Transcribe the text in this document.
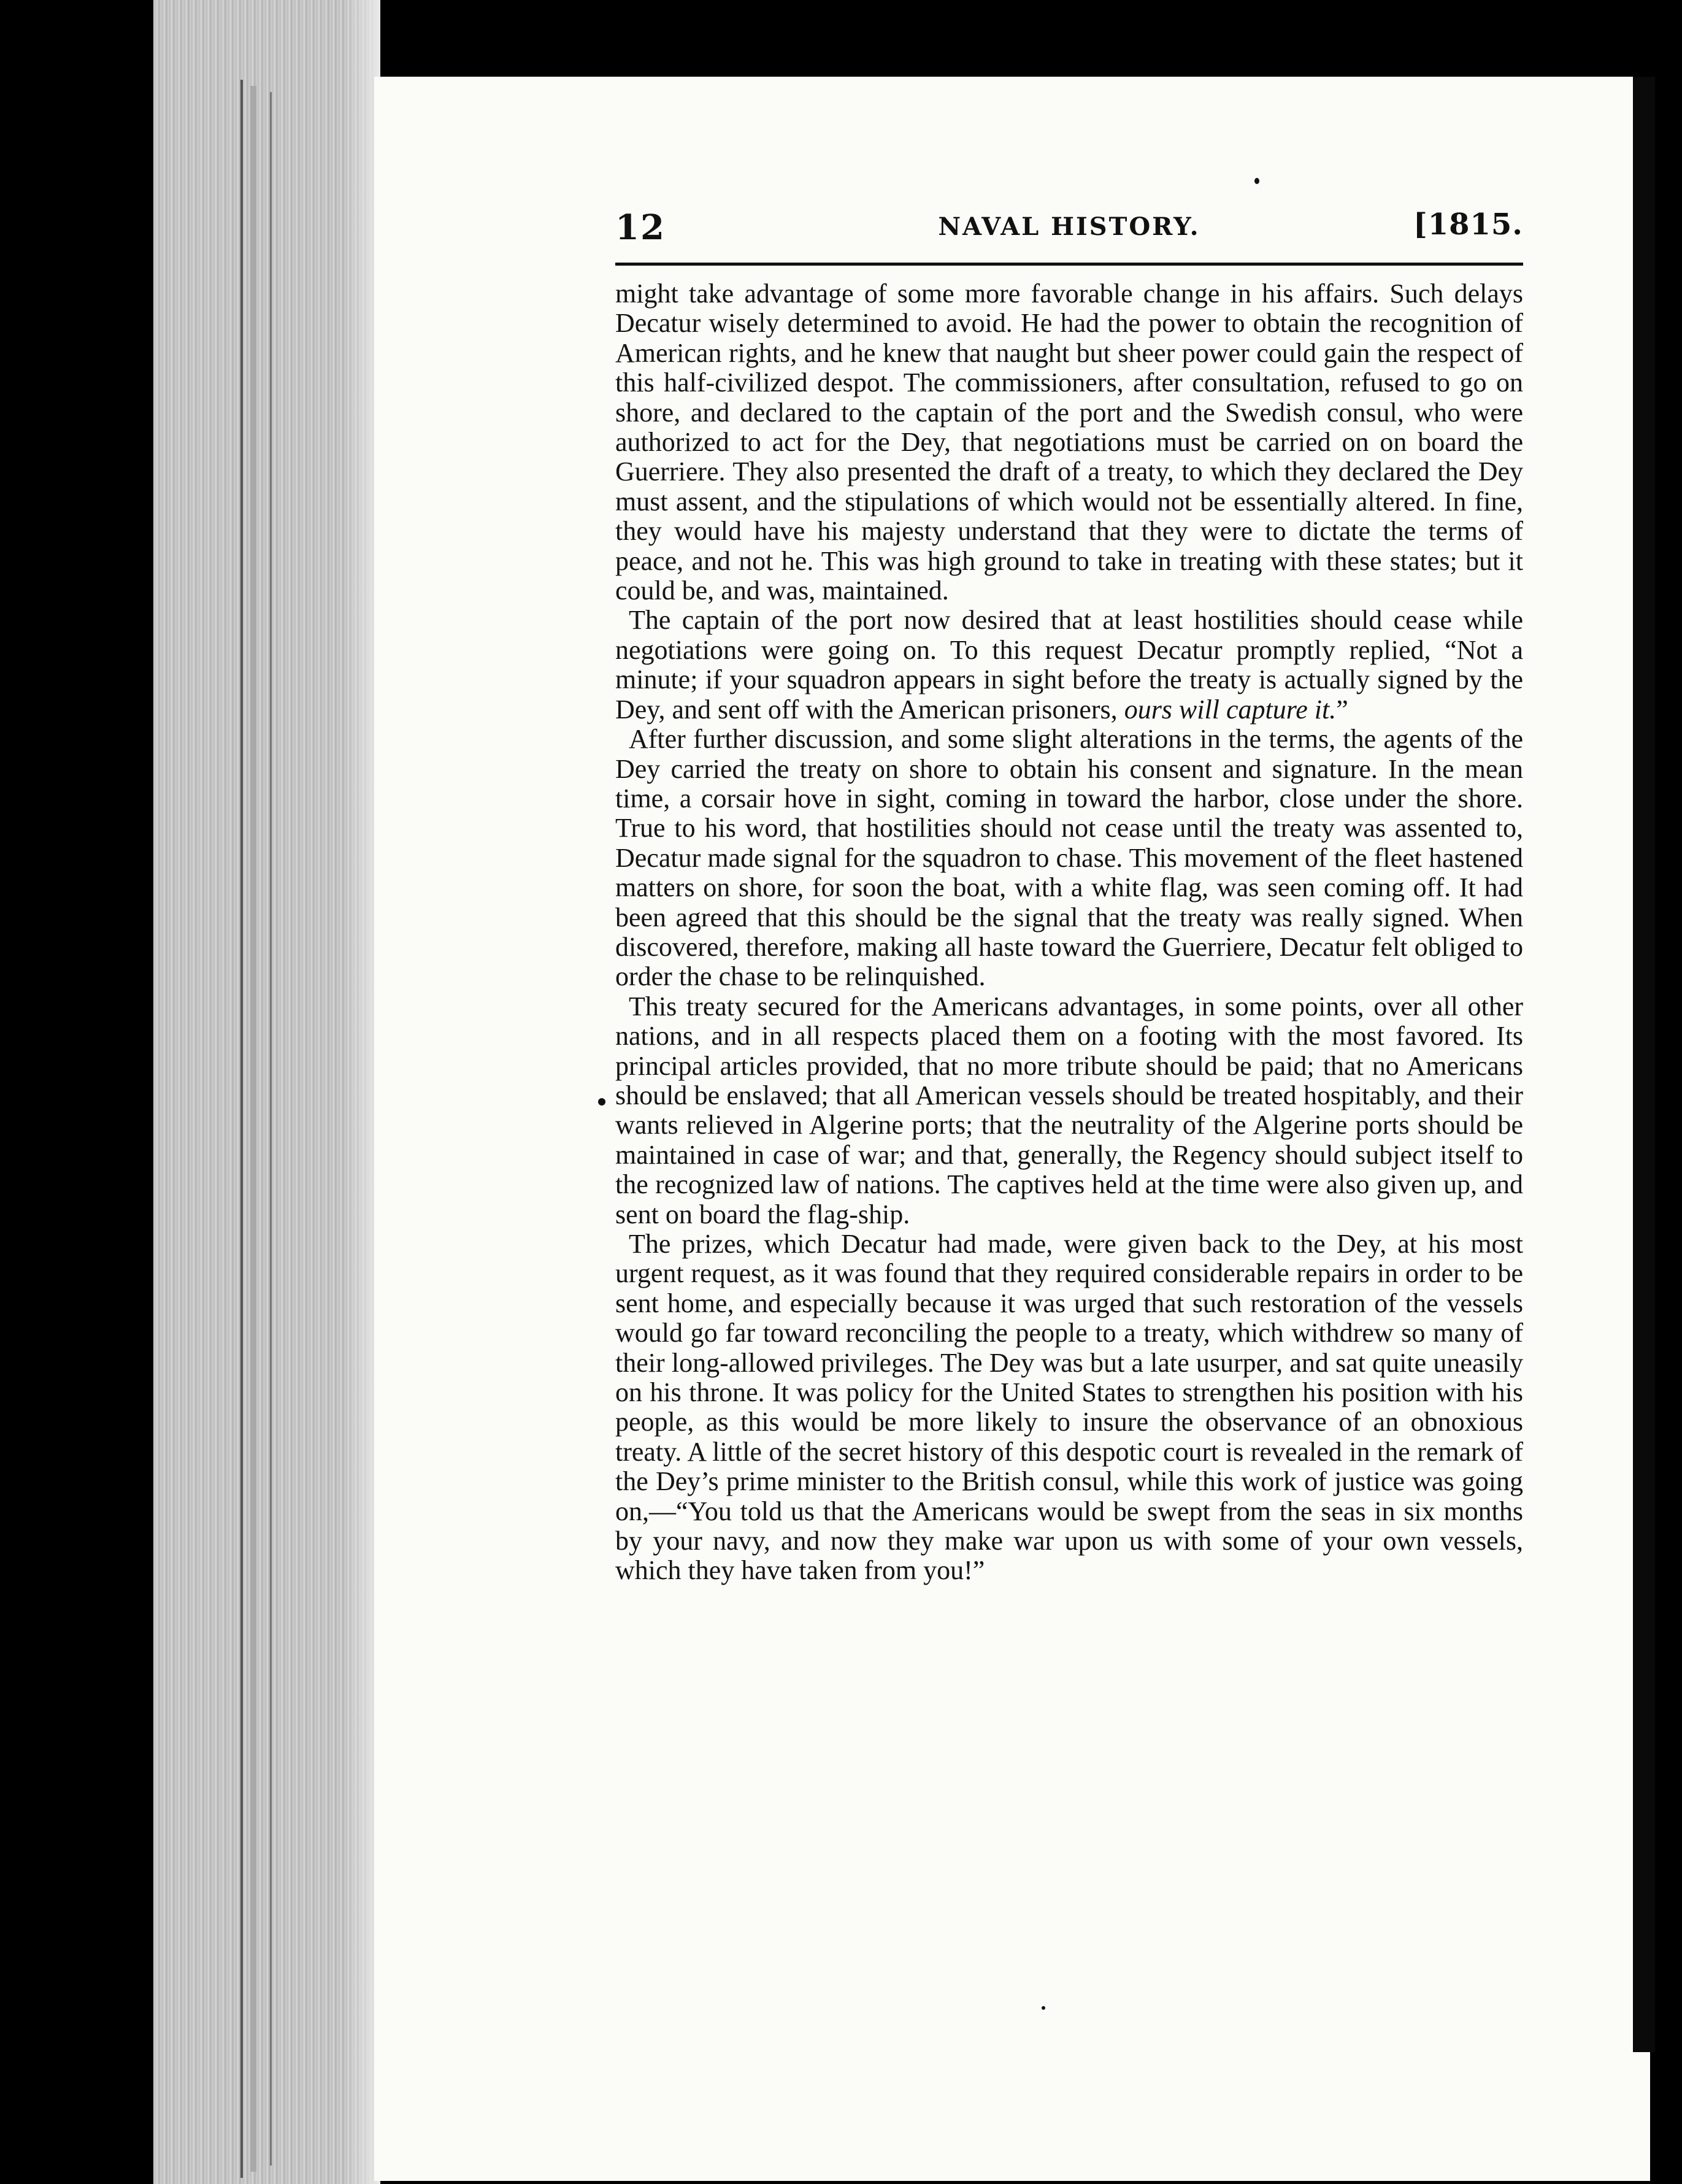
12	NAVAL HISTORY.	[1815.

might take advantage of some more favorable change in his affairs. Such delays Decatur wisely determined to avoid. He had the power to obtain the recognition of American rights, and he knew that naught but sheer power could gain the respect of this half-civilized despot. The commissioners, after consultation, refused to go on shore, and declared to the captain of the port and the Swedish consul, who were authorized to act for the Dey, that negotiations must be carried on on board the Guerriere. They also presented the draft of a treaty, to which they declared the Dey must assent, and the stipulations of which would not be essentially altered. In fine, they would have his majesty understand that they were to dictate the terms of peace, and not he. This was high ground to take in treating with these states; but it could be, and was, maintained.

The captain of the port now desired that at least hostilities should cease while negotiations were going on. To this request Decatur promptly replied, “Not a minute; if your squadron appears in sight before the treaty is actually signed by the Dey, and sent off with the American prisoners, ours will capture it.”

After further discussion, and some slight alterations in the terms, the agents of the Dey carried the treaty on shore to obtain his consent and signature. In the mean time, a corsair hove in sight, coming in toward the harbor, close under the shore. True to his word, that hostilities should not cease until the treaty was assented to, Decatur made signal for the squadron to chase. This movement of the fleet hastened matters on shore, for soon the boat, with a white flag, was seen coming off. It had been agreed that this should be the signal that the treaty was really signed. When discovered, therefore, making all haste toward the Guerriere, Decatur felt obliged to order the chase to be relinquished.

This treaty secured for the Americans advantages, in some points, over all other nations, and in all respects placed them on a footing with the most favored. Its principal articles provided, that no more tribute should be paid; that no Americans should be enslaved; that all American vessels should be treated hospitably, and their wants relieved in Algerine ports; that the neutrality of the Algerine ports should be maintained in case of war; and that, generally, the Regency should subject itself to the recognized law of nations. The captives held at the time were also given up, and sent on board the flag-ship.

The prizes, which Decatur had made, were given back to the Dey, at his most urgent request, as it was found that they required considerable repairs in order to be sent home, and especially because it was urged that such restoration of the vessels would go far toward reconciling the people to a treaty, which withdrew so many of their long-allowed privileges. The Dey was but a late usurper, and sat quite uneasily on his throne. It was policy for the United States to strengthen his position with his people, as this would be more likely to insure the observance of an obnoxious treaty. A little of the secret history of this despotic court is revealed in the remark of the Dey’s prime minister to the British consul, while this work of justice was going on,—“You told us that the Americans would be swept from the seas in six months by your navy, and now they make war upon us with some of your own vessels, which they have taken from you!”
